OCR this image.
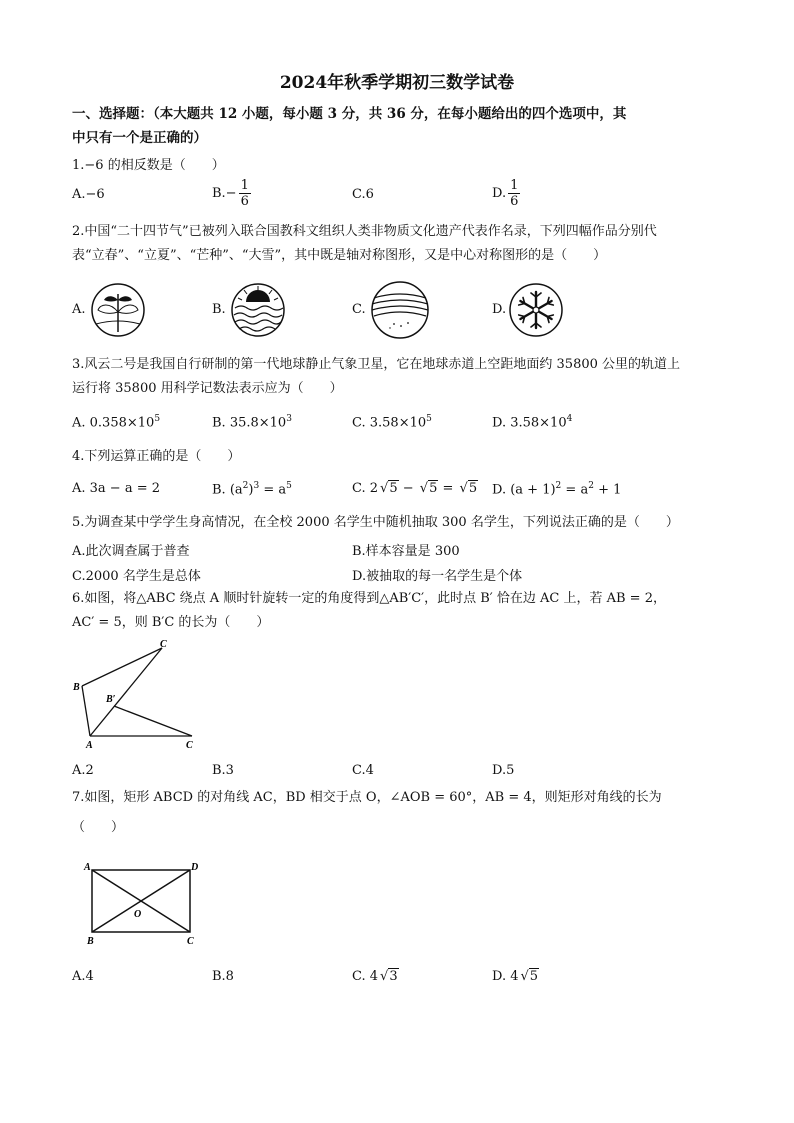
2024年秋季学期初三数学试卷
一、选择题：（本大题共 12 小题，每小题 3 分，共 36 分，在每小题给出的四个选项中，其
中只有一个是正确的）
1.−6 的相反数是（　　）
A.−6	$B.- \frac{1}{6}$	C.6	D. $\frac{1}{6}$
2.中国“二十四节气”已被列入联合国教科文组织人类非物质文化遗产代表作名录，下列四幅作品分别代
表“立春”、“立夏”、“芒种”、“大雪”，其中既是轴对称图形，又是中心对称图形的是（　　）
A.	B.	C.	D.
3.风云二号是我国自行研制的第一代地球静止气象卫星，它在地球赤道上空距地面约 35800 公里的轨道上
运行将 35800 用科学记数法表示应为（　　）
A. $0.358\times 10^5$	B. $35.8\times 10^3$	C. $3.58\times 10^5$	D. $3.58\times 10^4$
4.下列运算正确的是（　　）
A. 3a − a = 2	B. $(a^2)^3 = a^5$	C. 2 √5 − √5 = √5 D. $(a + 1)^2 = a^2 + 1$
5.为调查某中学学生身高情况，在全校 2000 名学生中随机抽取 300 名学生，下列说法正确的是（　　）
A.此次调查属于普查	B.样本容量是 300
C.2000 名学生是总体	D.被抽取的每一名学生是个体
6.如图，将△ABC 绕点 A 顺时针旋转一定的角度得到△AB′C′，此时点 B′ 恰在边 AC 上，若 AB = 2，
AC′ = 5，则 B′C 的长为（　　）
A
B
C
B′
C
A.2	B.3	C.4	D.5
7.如图，矩形 ABCD 的对角线 AC，BD 相交于点 O，∠AOB = 60°，AB = 4，则矩形对角线的长为
（　　）
A	D
O
B	C
A.4	B.8	C. 4 √3	D. 4 √5
